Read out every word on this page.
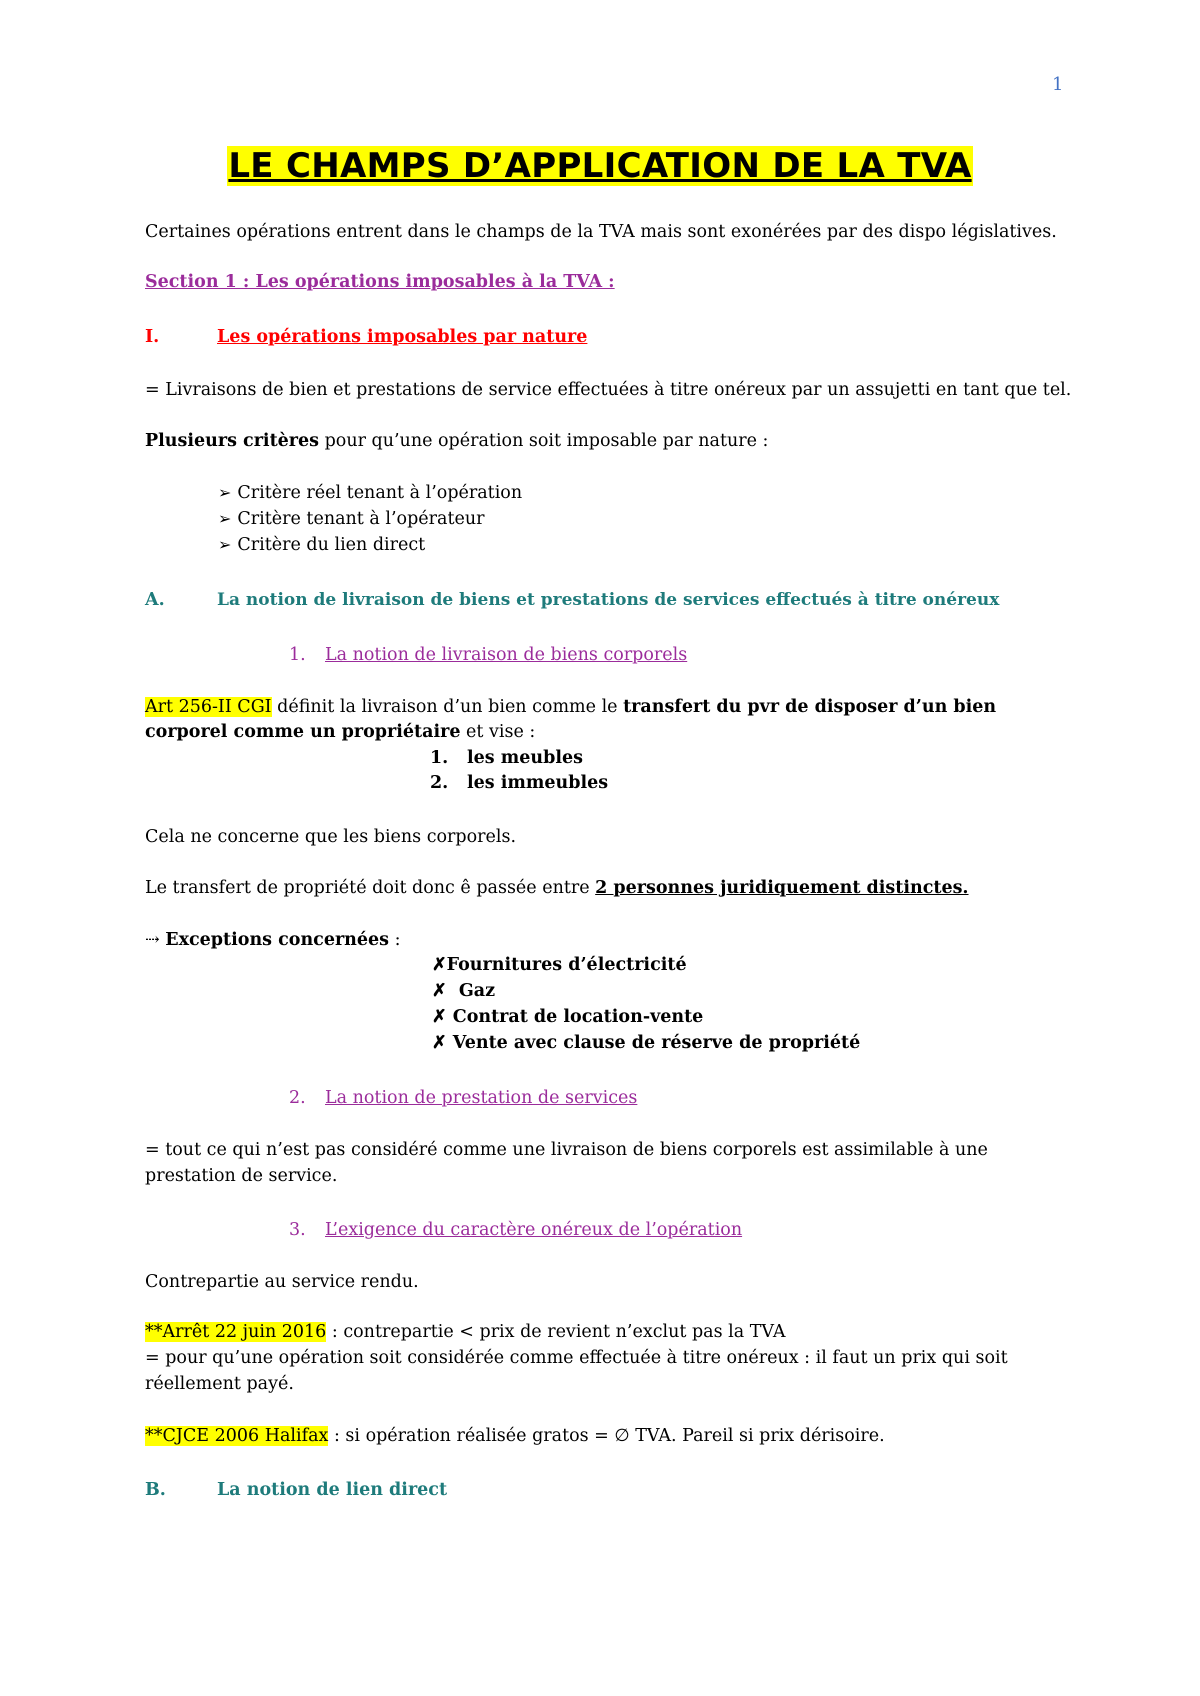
1
LE CHAMPS D’APPLICATION DE LA TVA
Certaines opérations entrent dans le champs de la TVA mais sont exonérées par des dispo législatives.
Section 1 : Les opérations imposables à la TVA :
I.	Les opérations imposables par nature
= Livraisons de bien et prestations de service effectuées à titre onéreux par un assujetti en tant que tel.
Plusieurs critères pour qu’une opération soit imposable par nature :
➢ Critère réel tenant à l’opération
➢ Critère tenant à l’opérateur
➢ Critère du lien direct
A.	La notion de livraison de biens et prestations de services effectués à titre onéreux
1. La notion de livraison de biens corporels
Art 256-II CGI définit la livraison d’un bien comme le transfert du pvr de disposer d’un bien
corporel comme un propriétaire et vise :
1. les meubles
2. les immeubles
Cela ne concerne que les biens corporels.
Le transfert de propriété doit donc ê passée entre 2 personnes juridiquement distinctes.
⇢ Exceptions concernées :
✗Fournitures d’électricité
✗ Gaz
✗ Contrat de location-vente
✗ Vente avec clause de réserve de propriété
2. La notion de prestation de services
= tout ce qui n’est pas considéré comme une livraison de biens corporels est assimilable à une
prestation de service.
3. L’exigence du caractère onéreux de l’opération
Contrepartie au service rendu.
**Arrêt 22 juin 2016 : contrepartie < prix de revient n’exclut pas la TVA
= pour qu’une opération soit considérée comme effectuée à titre onéreux : il faut un prix qui soit
réellement payé.
**CJCE 2006 Halifax : si opération réalisée gratos = ∅ TVA. Pareil si prix dérisoire.
B.	La notion de lien direct
